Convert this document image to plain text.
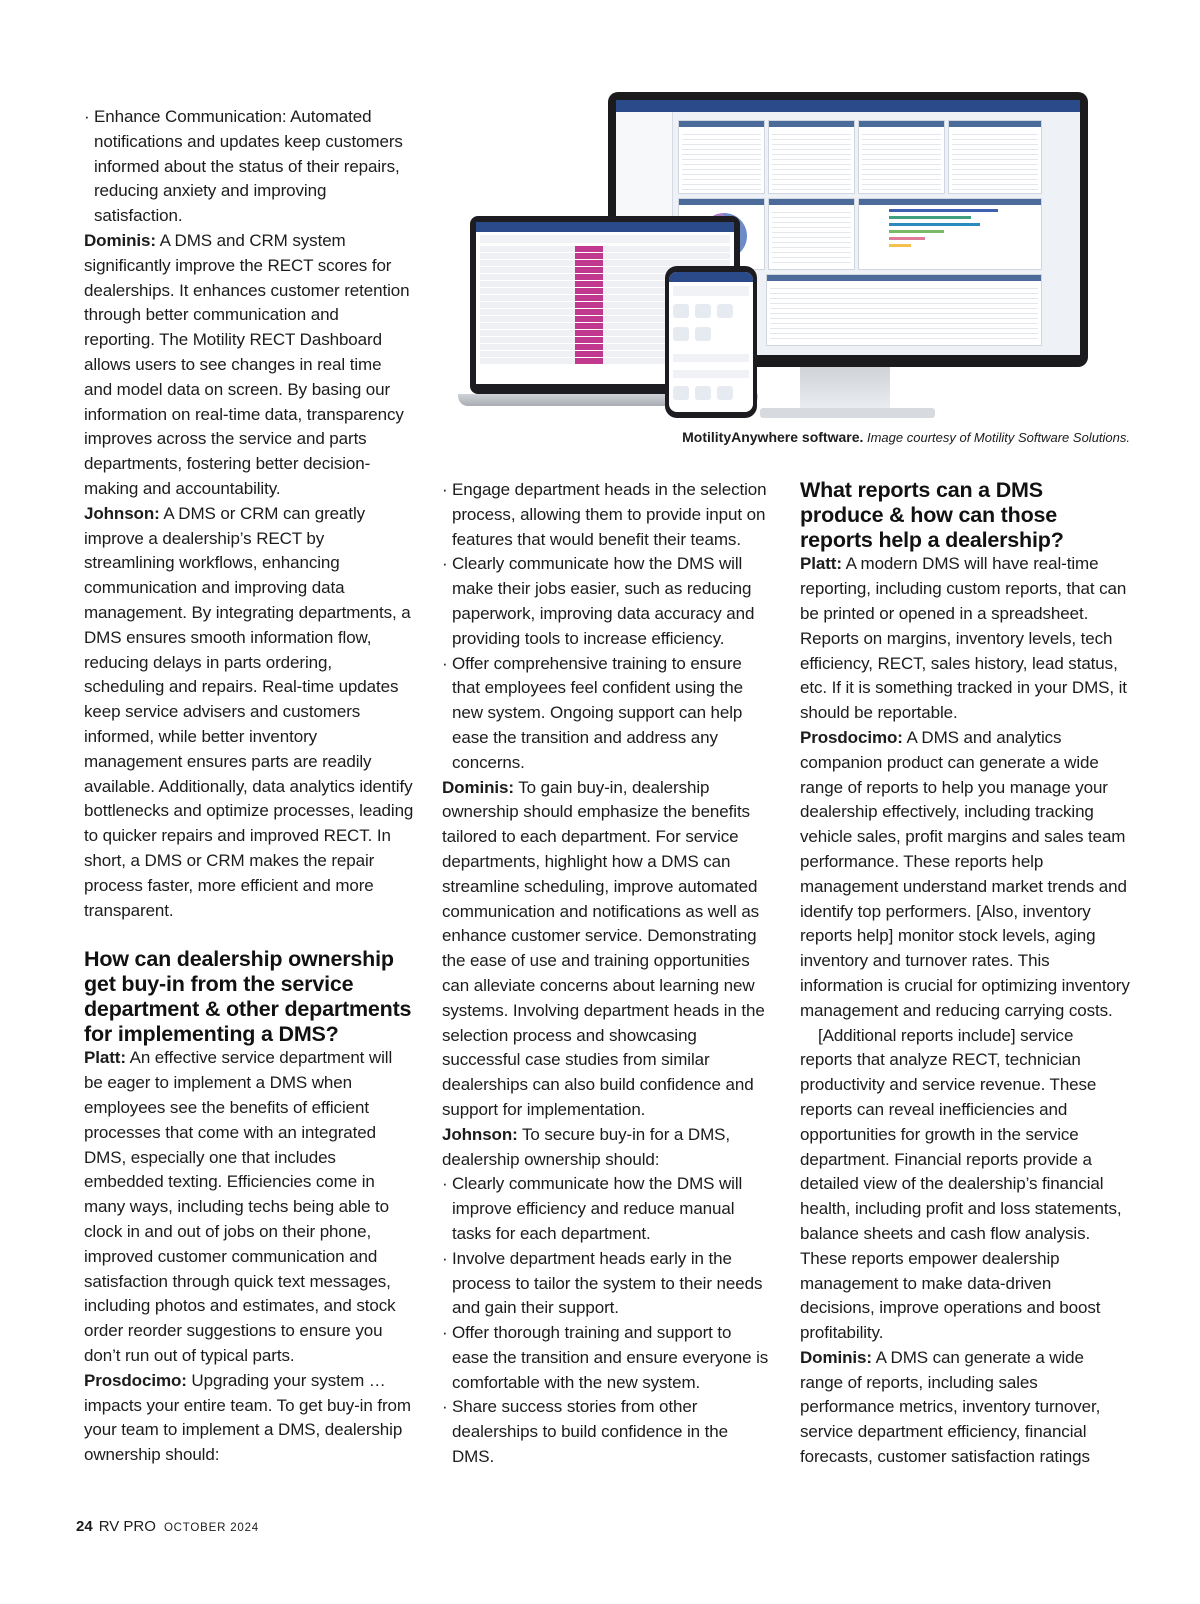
· Enhance Communication: Automated notifications and updates keep customers informed about the status of their repairs, reducing anxiety and improving satisfaction.

Dominis: A DMS and CRM system significantly improve the RECT scores for dealerships. It enhances customer retention through better communication and reporting. The Motility RECT Dashboard allows users to see changes in real time and model data on screen. By basing our information on real-time data, transparency improves across the service and parts departments, fostering better decision-making and accountability.

Johnson: A DMS or CRM can greatly improve a dealership’s RECT by streamlining workflows, enhancing communication and improving data management. By integrating departments, a DMS ensures smooth information flow, reducing delays in parts ordering, scheduling and repairs. Real-time updates keep service advisers and customers informed, while better inventory management ensures parts are readily available. Additionally, data analytics identify bottlenecks and optimize processes, leading to quicker repairs and improved RECT. In short, a DMS or CRM makes the repair process faster, more efficient and more transparent.

How can dealership ownership get buy-in from the service department & other departments for implementing a DMS?

Platt: An effective service department will be eager to implement a DMS when employees see the benefits of efficient processes that come with an integrated DMS, especially one that includes embedded texting. Efficiencies come in many ways, including techs being able to clock in and out of jobs on their phone, improved customer communication and satisfaction through quick text messages, including photos and estimates, and stock order reorder suggestions to ensure you don’t run out of typical parts.

Prosdocimo: Upgrading your system … impacts your entire team. To get buy-in from your team to implement a DMS, dealership ownership should:

MotilityAnywhere software. Image courtesy of Motility Software Solutions.

· Engage department heads in the selection process, allowing them to provide input on features that would benefit their teams.

· Clearly communicate how the DMS will make their jobs easier, such as reducing paperwork, improving data accuracy and providing tools to increase efficiency.

· Offer comprehensive training to ensure that employees feel confident using the new system. Ongoing support can help ease the transition and address any concerns.

Dominis: To gain buy-in, dealership ownership should emphasize the benefits tailored to each department. For service departments, highlight how a DMS can streamline scheduling, improve automated communication and notifications as well as enhance customer service. Demonstrating the ease of use and training opportunities can alleviate concerns about learning new systems. Involving department heads in the selection process and showcasing successful case studies from similar dealerships can also build confidence and support for implementation.

Johnson: To secure buy-in for a DMS, dealership ownership should:

· Clearly communicate how the DMS will improve efficiency and reduce manual tasks for each department.

· Involve department heads early in the process to tailor the system to their needs and gain their support.

· Offer thorough training and support to ease the transition and ensure everyone is comfortable with the new system.

· Share success stories from other dealerships to build confidence in the DMS.

What reports can a DMS produce & how can those reports help a dealership?

Platt: A modern DMS will have real-time reporting, including custom reports, that can be printed or opened in a spreadsheet. Reports on margins, inventory levels, tech efficiency, RECT, sales history, lead status, etc. If it is something tracked in your DMS, it should be reportable.

Prosdocimo: A DMS and analytics companion product can generate a wide range of reports to help you manage your dealership effectively, including tracking vehicle sales, profit margins and sales team performance. These reports help management understand market trends and identify top performers. [Also, inventory reports help] monitor stock levels, aging inventory and turnover rates. This information is crucial for optimizing inventory management and reducing carrying costs.

[Additional reports include] service reports that analyze RECT, technician productivity and service revenue. These reports can reveal inefficiencies and opportunities for growth in the service department. Financial reports provide a detailed view of the dealership’s financial health, including profit and loss statements, balance sheets and cash flow analysis. These reports empower dealership management to make data-driven decisions, improve operations and boost profitability.

Dominis: A DMS can generate a wide range of reports, including sales performance metrics, inventory turnover, service department efficiency, financial forecasts, customer satisfaction ratings

24 RV PRO OCTOBER 2024
